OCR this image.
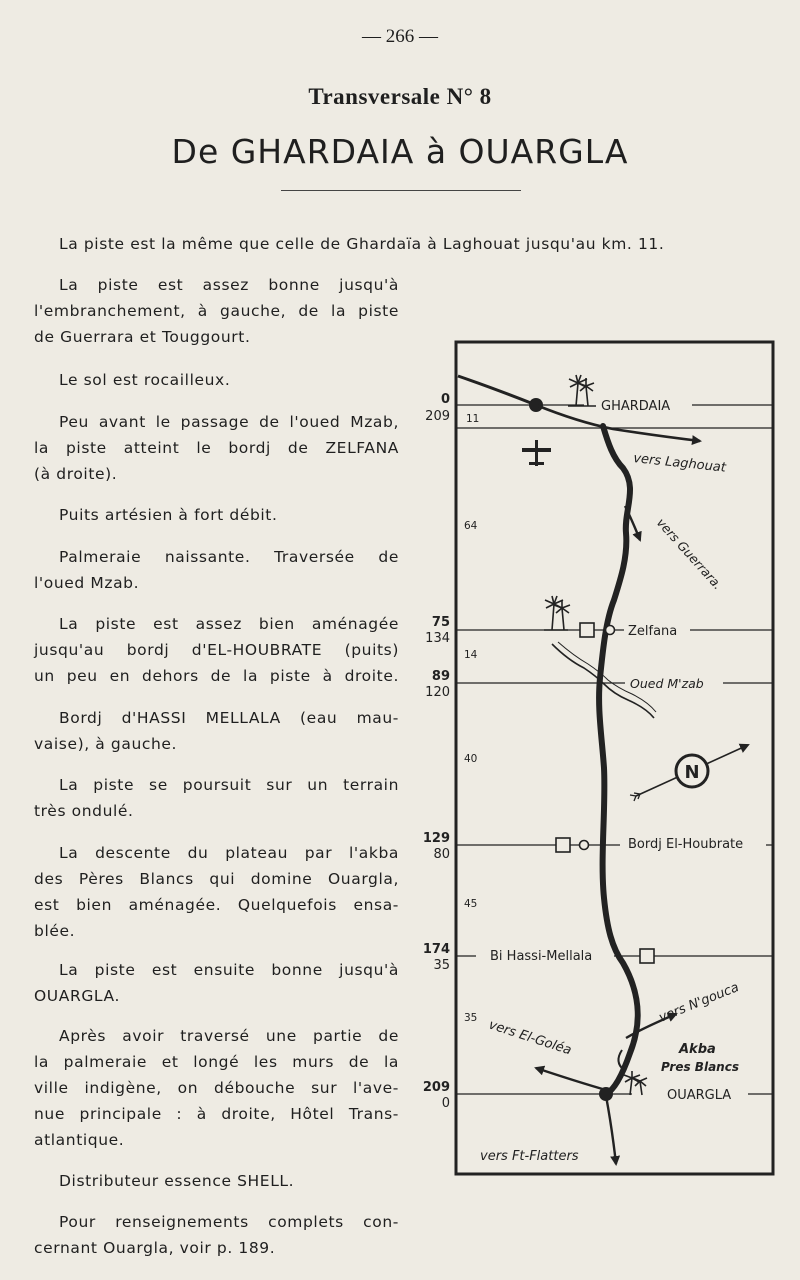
— 266 —
Transversale N° 8
De GHARDAIA à OUARGLA
La piste est la même que celle de Ghardaïa à Laghouat jusqu'au km. 11.
La piste est assez bonne jusqu'à
l'embranchement, à gauche, de la piste
de Guerrara et Touggourt.
Le sol est rocailleux.
Peu avant le passage de l'oued Mzab,
la piste atteint le bordj de ZELFANA
(à droite).
Puits artésien à fort débit.
Palmeraie naissante. Traversée de
l'oued Mzab.
La piste est assez bien aménagée
jusqu'au bordj d'EL-HOUBRATE (puits)
un peu en dehors de la piste à droite.
Bordj d'HASSI MELLALA (eau mau-
vaise), à gauche.
La piste se poursuit sur un terrain
très ondulé.
La descente du plateau par l'akba
des Pères Blancs qui domine Ouargla,
est bien aménagée. Quelquefois ensa-
blée.
La piste est ensuite bonne jusqu'à
OUARGLA.
Après avoir traversé une partie de
la palmeraie et longé les murs de la
ville indigène, on débouche sur l'ave-
nue principale : à droite, Hôtel Trans-
atlantique.
Distributeur essence SHELL.
Pour renseignements complets con-
cernant Ouargla, voir p. 189.
0
75
89
129
174
209
209
134
120
80
35
0
11
64
14
40
45
35
N
GHARDAIA
Zelfana
Bordj El-Houbrate
Bi Hassi-Mellala
OUARGLA
Oued M'zab
vers Laghouat
vers Guerrara.
vers N'gouca
vers El-Goléa
vers Ft-Flatters
Akba
Pres Blancs
